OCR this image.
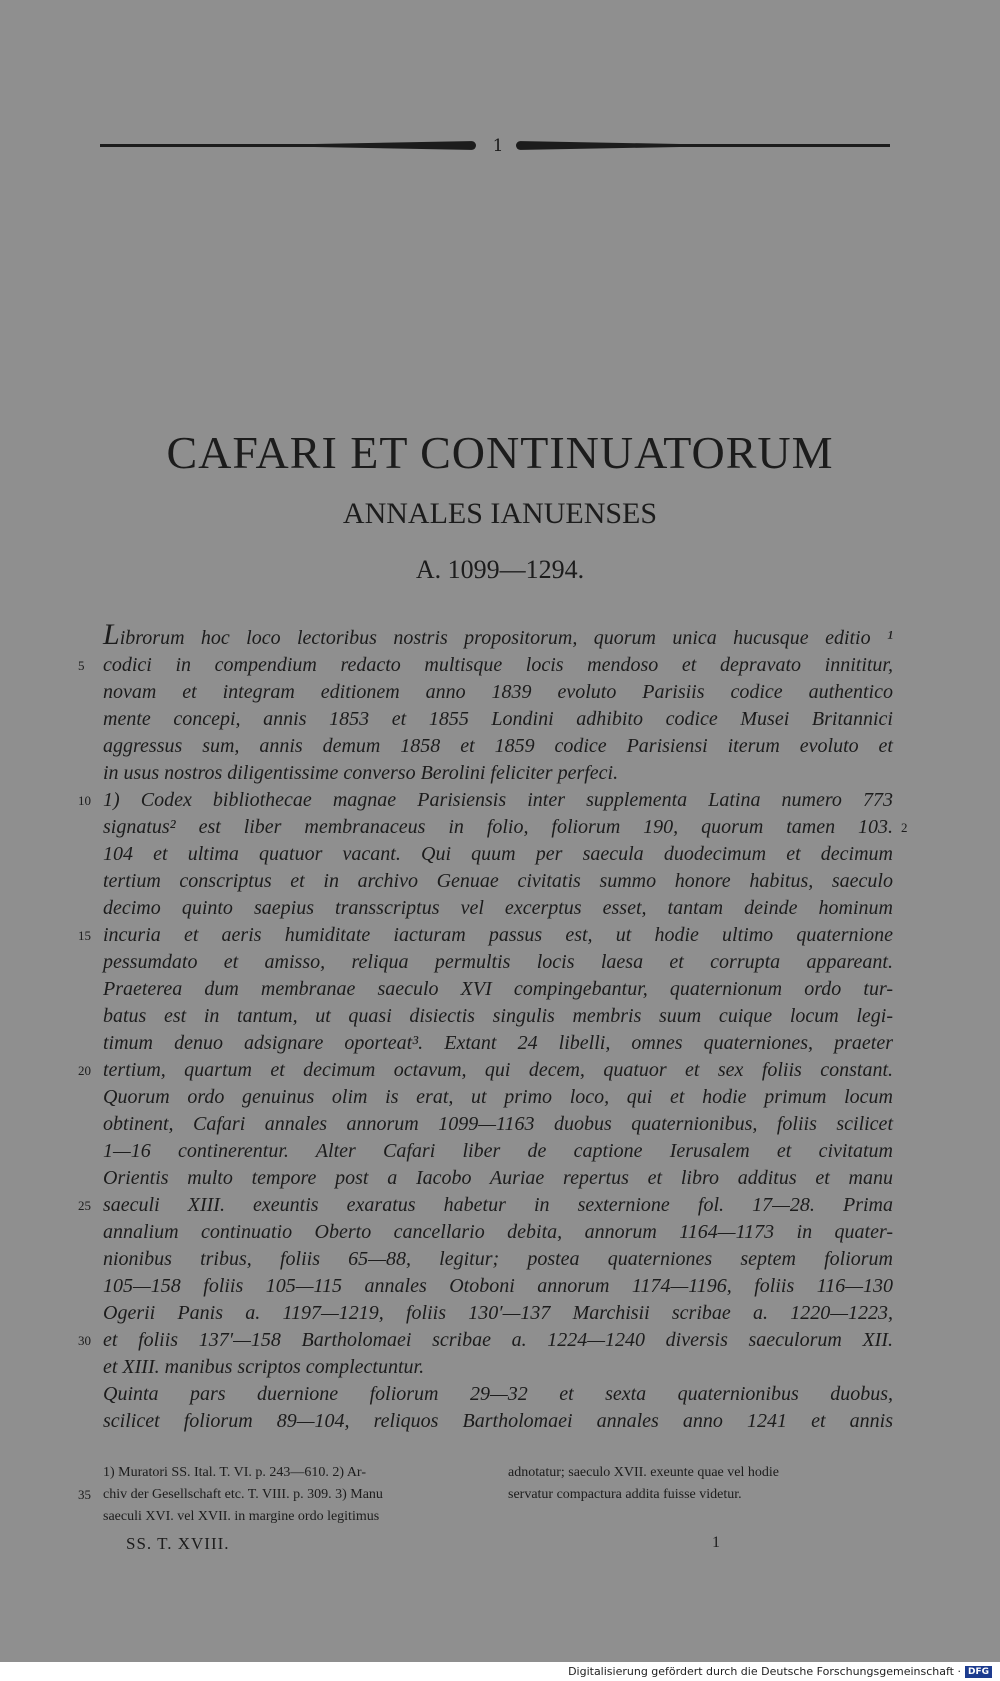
1
CAFARI ET CONTINUATORUM
ANNALES IANUENSES
A. 1099—1294.
Librorum hoc loco lectoribus nostris propositorum, quorum unica hucusque editio ¹
5 codici in compendium redacto multisque locis mendoso et depravato innititur,
novam et integram editionem anno 1839 evoluto Parisiis codice authentico
mente concepi, annis 1853 et 1855 Londini adhibito codice Musei Britannici
aggressus sum, annis demum 1858 et 1859 codice Parisiensi iterum evoluto et
in usus nostros diligentissime converso Berolini feliciter perfeci.
10 1) Codex bibliothecae magnae Parisiensis inter supplementa Latina numero 773
signatus² est liber membranaceus in folio, foliorum 190, quorum tamen 103.
104 et ultima quatuor vacant. Qui quum per saecula duodecimum et decimum
tertium conscriptus et in archivo Genuae civitatis summo honore habitus, saeculo
decimo quinto saepius transscriptus vel excerptus esset, tantam deinde hominum
15 incuria et aeris humiditate iacturam passus est, ut hodie ultimo quaternione
pessumdato et amisso, reliqua permultis locis laesa et corrupta appareant.
Praeterea dum membranae saeculo XVI compingebantur, quaternionum ordo tur-
batus est in tantum, ut quasi disiectis singulis membris suum cuique locum legi-
timum denuo adsignare oporteat³. Extant 24 libelli, omnes quaterniones, praeter
20 tertium, quartum et decimum octavum, qui decem, quatuor et sex foliis constant.
Quorum ordo genuinus olim is erat, ut primo loco, qui et hodie primum locum
obtinent, Cafari annales annorum 1099—1163 duobus quaternionibus, foliis scilicet
1—16 continerentur. Alter Cafari liber de captione Ierusalem et civitatum
Orientis multo tempore post a Iacobo Auriae repertus et libro additus et manu
25 saeculi XIII. exeuntis exaratus habetur in sexternione fol. 17—28. Prima
annalium continuatio Oberto cancellario debita, annorum 1164—1173 in quater-
nionibus tribus, foliis 65—88, legitur; postea quaterniones septem foliorum
105—158 foliis 105—115 annales Otoboni annorum 1174—1196, foliis 116—130
Ogerii Panis a. 1197—1219, foliis 130′—137 Marchisii scribae a. 1220—1223,
30 et foliis 137′—158 Bartholomaei scribae a. 1224—1240 diversis saeculorum XII.
et XIII. manibus scriptos complectuntur.
Quinta pars duernione foliorum 29—32 et sexta quaternionibus duobus,
scilicet foliorum 89—104, reliquos Bartholomaei annales anno 1241 et annis
2
1) Muratori SS. Ital. T. VI. p. 243—610. 2) Ar-
35 chiv der Gesellschaft etc. T. VIII. p. 309. 3) Manu
saeculi XVI. vel XVII. in margine ordo legitimus
adnotatur; saeculo XVII. exeunte quae vel hodie
servatur compactura addita fuisse videtur.
SS. T. XVIII.	1
Digitalisierung gefördert durch die Deutsche Forschungsgemeinschaft · DFG
